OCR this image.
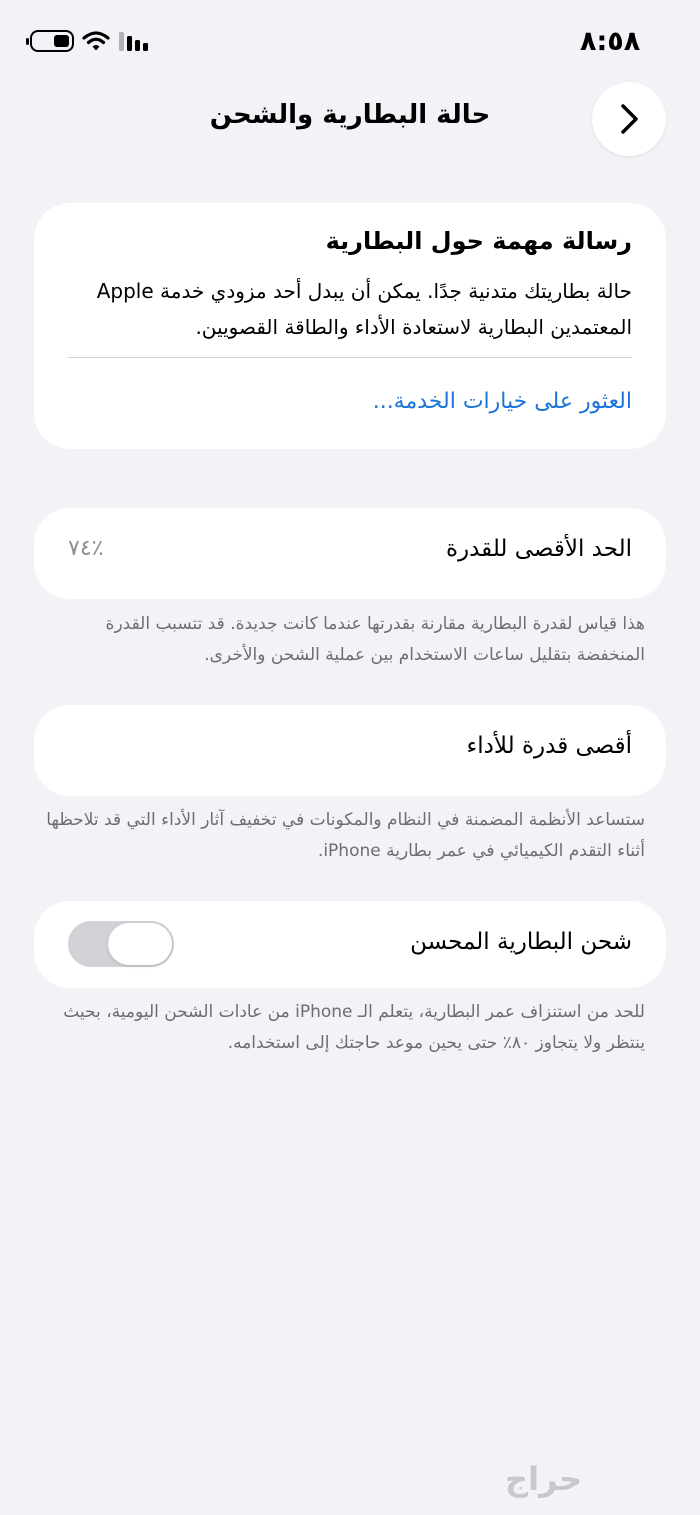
٨:٥٨
حالة البطارية والشحن
رسالة مهمة حول البطارية
حالة بطاريتك متدنية جدًا. يمكن أن يبدل أحد مزودي خدمة Apple المعتمدين البطارية لاستعادة الأداء والطاقة القصويين.
العثور على خيارات الخدمة...
الحد الأقصى للقدرة
٧٤٪
هذا قياس لقدرة البطارية مقارنة بقدرتها عندما كانت جديدة. قد تتسبب القدرة المنخفضة بتقليل ساعات الاستخدام بين عملية الشحن والأخرى.
أقصى قدرة للأداء
ستساعد الأنظمة المضمنة في النظام والمكونات في تخفيف آثار الأداء التي قد تلاحظها أثناء التقدم الكيميائي في عمر بطارية iPhone.
شحن البطارية المحسن
للحد من استنزاف عمر البطارية، يتعلم الـ iPhone من عادات الشحن اليومية، بحيث ينتظر ولا يتجاوز ٨٠٪ حتى يحين موعد حاجتك إلى استخدامه.
حراج
